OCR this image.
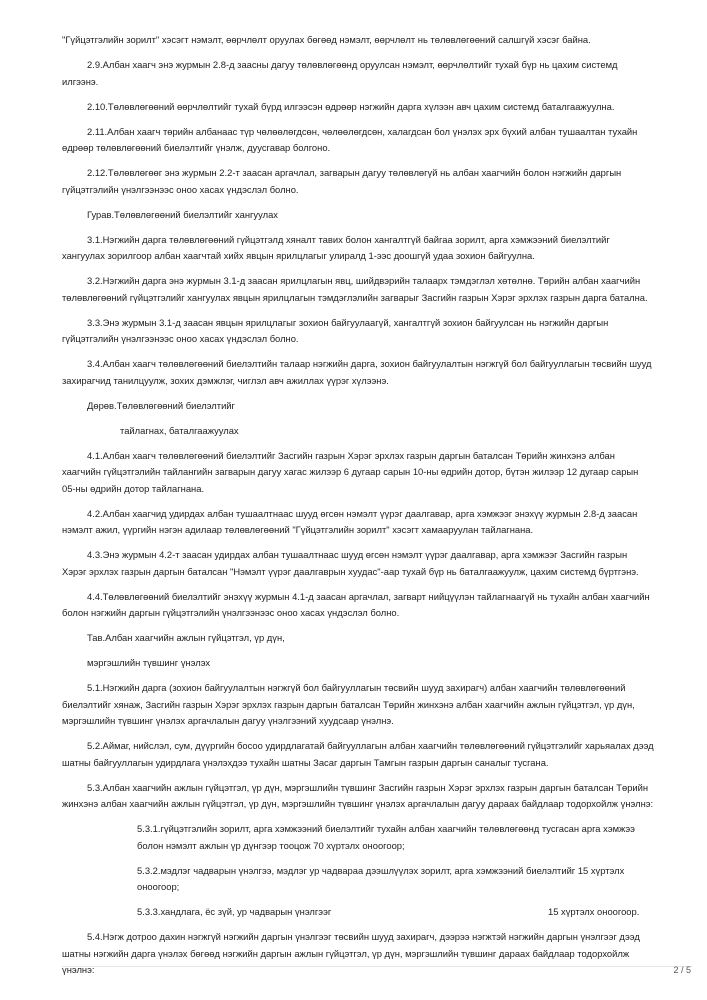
"Гүйцэтгэлийн зорилт" хэсэгт нэмэлт, өөрчлөлт оруулах бөгөөд нэмэлт, өөрчлөлт нь төлөвлөгөөний салшгүй хэсэг байна.

2.9.Албан хаагч энэ журмын 2.8-д заасны дагуу төлөвлөгөөнд оруулсан нэмэлт, өөрчлөлтийг тухай бүр нь цахим системд илгээнэ.

2.10.Төлөвлөгөөний өөрчлөлтийг тухай бүрд илгээсэн өдрөөр нэгжийн дарга хүлээн авч цахим системд баталгаажуулна.

2.11.Албан хаагч төрийн албанаас түр чөлөөлөгдсөн, чөлөөлөгдсөн, халагдсан бол үнэлэх эрх бүхий албан тушаалтан тухайн өдрөөр төлөвлөгөөний биелэлтийг үнэлж, дуусгавар болгоно.

2.12.Төлөвлөгөөг энэ журмын 2.2-т заасан аргачлал, загварын дагуу төлөвлөгүй нь албан хаагчийн болон нэгжийн даргын гүйцэтгэлийн үнэлгээнээс оноо хасах үндэслэл болно.

Гурав.Төлөвлөгөөний биелэлтийг хангуулах

3.1.Нэгжийн дарга төлөвлөгөөний гүйцэтгэлд хяналт тавих болон хангалтгүй байгаа зорилт, арга хэмжээний биелэлтийг хангуулах зорилгоор албан хаагчтай хийх явцын ярилцлагыг улиралд 1-ээс доошгүй удаа зохион байгуулна.

3.2.Нэгжийн дарга энэ журмын 3.1-д заасан ярилцлагын явц, шийдвэрийн талаарх тэмдэглэл хөтөлнө. Төрийн албан хаагчийн төлөвлөгөөний гүйцэтгэлийг хангуулах явцын ярилцлагын тэмдэглэлийн загварыг Засгийн газрын Хэрэг эрхлэх газрын дарга батална.

3.3.Энэ журмын 3.1-д заасан явцын ярилцлагыг зохион байгуулаагүй, хангалтгүй зохион байгуулсан нь нэгжийн даргын гүйцэтгэлийн үнэлгээнээс оноо хасах үндэслэл болно.

3.4.Албан хаагч төлөвлөгөөний биелэлтийн талаар нэгжийн дарга, зохион байгуулалтын нэгжгүй бол байгууллагын төсвийн шууд захирагчид танилцуулж, зохих дэмжлэг, чиглэл авч ажиллах үүрэг хүлээнэ.

Дөрөв.Төлөвлөгөөний биелэлтийг

тайлагнах, баталгаажуулах

4.1.Албан хаагч төлөвлөгөөний биелэлтийг Засгийн газрын Хэрэг эрхлэх газрын даргын баталсан Төрийн жинхэнэ албан хаагчийн гүйцэтгэлийн тайлангийн загварын дагуу хагас жилээр 6 дугаар сарын 10-ны өдрийн дотор, бүтэн жилээр 12 дугаар сарын 05-ны өдрийн дотор тайлагнана.

4.2.Албан хаагчид удирдах албан тушаалтнаас шууд өгсөн нэмэлт үүрэг даалгавар, арга хэмжээг энэхүү журмын 2.8-д заасан нэмэлт ажил, үүргийн нэгэн адилаар төлөвлөгөөний "Гүйцэтгэлийн зорилт" хэсэгт хамааруулан тайлагнана.

4.3.Энэ журмын 4.2-т заасан удирдах албан тушаалтнаас шууд өгсөн нэмэлт үүрэг даалгавар, арга хэмжээг Засгийн газрын Хэрэг эрхлэх газрын даргын баталсан "Нэмэлт үүрэг даалгаврын хуудас"-аар тухай бүр нь баталгаажуулж, цахим системд бүртгэнэ.

4.4.Төлөвлөгөөний биелэлтийг энэхүү журмын 4.1-д заасан аргачлал, загварт нийцүүлэн тайлагнаагүй нь тухайн албан хаагчийн болон нэгжийн даргын гүйцэтгэлийн үнэлгээнээс оноо хасах үндэслэл болно.

Тав.Албан хаагчийн ажлын гүйцэтгэл, үр дүн,

мэргэшлийн түвшинг үнэлэх

5.1.Нэгжийн дарга (зохион байгуулалтын нэгжгүй бол байгууллагын төсвийн шууд захирагч) албан хаагчийн төлөвлөгөөний биелэлтийг хянаж, Засгийн газрын Хэрэг эрхлэх газрын даргын баталсан Төрийн жинхэнэ албан хаагчийн ажлын гүйцэтгэл, үр дүн, мэргэшлийн түвшинг үнэлэх аргачлалын дагуу үнэлгээний хуудсаар үнэлнэ.

5.2.Аймаг, нийслэл, сум, дүүргийн босоо удирдлагатай байгууллагын албан хаагчийн төлөвлөгөөний гүйцэтгэлийг харьяалах дээд шатны байгууллагын удирдлага үнэлэхдээ тухайн шатны Засаг даргын Тамгын газрын даргын саналыг тусгана.

5.3.Албан хаагчийн ажлын гүйцэтгэл, үр дүн, мэргэшлийн түвшинг Засгийн газрын Хэрэг эрхлэх газрын даргын баталсан Төрийн жинхэнэ албан хаагчийн ажлын гүйцэтгэл, үр дүн, мэргэшлийн түвшинг үнэлэх аргачлалын дагуу дараах байдлаар тодорхойлж үнэлнэ:

5.3.1.гүйцэтгэлийн зорилт, арга хэмжээний биелэлтийг тухайн албан хаагчийн төлөвлөгөөнд тусгасан арга хэмжээ болон нэмэлт ажлын үр дүнгээр тооцож 70 хүртэлх оноогоор;

5.3.2.мэдлэг чадварын үнэлгээ, мэдлэг ур чадвараа дээшлүүлэх зорилт, арга хэмжээний биелэлтийг 15 хүртэлх оноогоор;

5.3.3.хандлага, ёс зүй, ур чадварын үнэлгээг	15 хүртэлх оноогоор.

5.4.Нэгж дотроо дахин нэгжгүй нэгжийн даргын үнэлгээг төсвийн шууд захирагч, дээрээ нэгжтэй нэгжийн даргын үнэлгээг дээд шатны нэгжийн дарга үнэлэх бөгөөд нэгжийн даргын ажлын гүйцэтгэл, үр дүн, мэргэшлийн түвшинг дараах байдлаар тодорхойлж үнэлнэ:	2 / 5
